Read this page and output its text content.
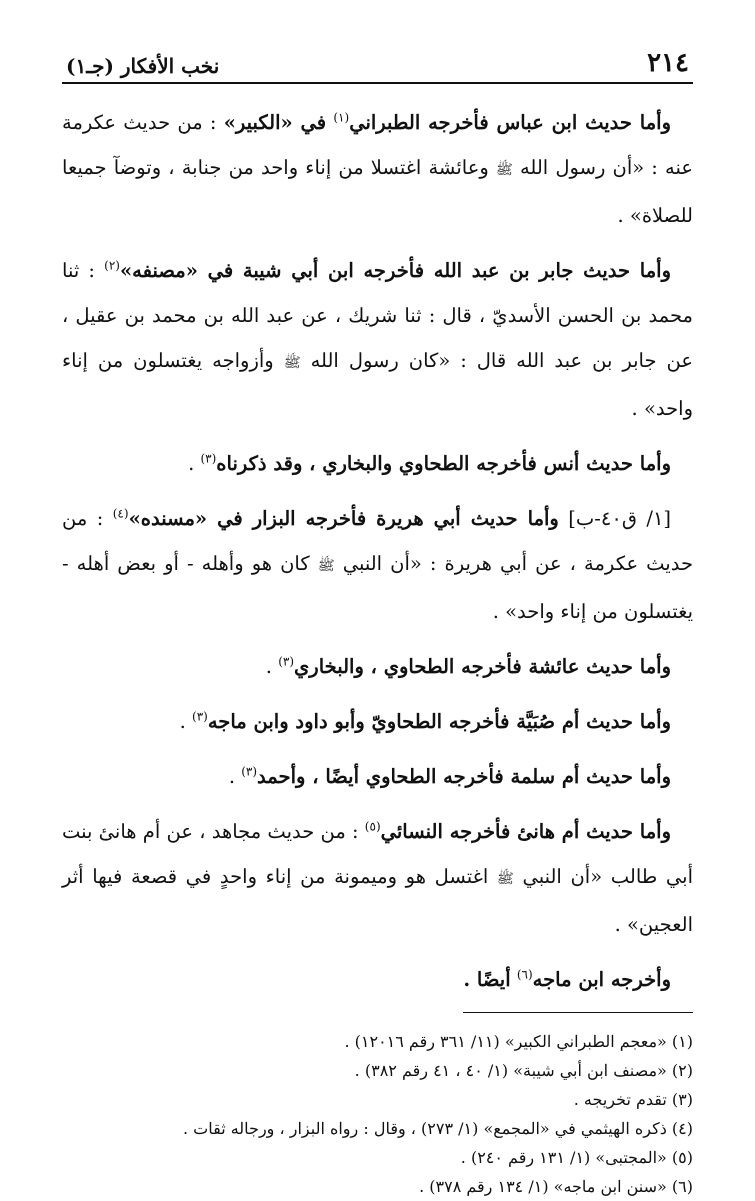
٢١٤
نخب الأفكار (جـ١)

وأما حديث ابن عباس فأخرجه الطبراني$^{(١)}$ في «الكبير» : من حديث عكرمة عنه : «أن رسول الله ﷺ وعائشة اغتسلا من إناء واحد من جنابة ، وتوضآ جميعا للصلاة» .

وأما حديث جابر بن عبد الله فأخرجه ابن أبي شيبة في «مصنفه»$^{(٢)}$ : ثنا محمد بن الحسن الأسديّ ، قال : ثنا شريك ، عن عبد الله بن محمد بن عقيل ، عن جابر بن عبد الله قال : «كان رسول الله ﷺ وأزواجه يغتسلون من إناء واحد» .

وأما حديث أنس فأخرجه الطحاوي والبخاري ، وقد ذكرناه$^{(٣)}$ .

[١/ ق٤٠-ب] وأما حديث أبي هريرة فأخرجه البزار في «مسنده»$^{(٤)}$ : من حديث عكرمة ، عن أبي هريرة : «أن النبي ﷺ كان هو وأهله - أو بعض أهله - يغتسلون من إناء واحد» .

وأما حديث عائشة فأخرجه الطحاوي ، والبخاري$^{(٣)}$ .

وأما حديث أم صُبَيَّة فأخرجه الطحاويّ وأبو داود وابن ماجه$^{(٣)}$ .

وأما حديث أم سلمة فأخرجه الطحاوي أيضًا ، وأحمد$^{(٣)}$ .

وأما حديث أم هانئ فأخرجه النسائي$^{(٥)}$ : من حديث مجاهد ، عن أم هانئ بنت أبي طالب «أن النبي ﷺ اغتسل هو وميمونة من إناء واحدٍ في قصعة فيها أثر العجين» .

وأخرجه ابن ماجه$^{(٦)}$ أيضًا .

(١) «معجم الطبراني الكبير» (١١/ ٣٦١ رقم ١٢٠١٦) .

(٢) «مصنف ابن أبي شيبة» (١/ ٤٠ ، ٤١ رقم ٣٨٢) .

(٣) تقدم تخريجه .

(٤) ذكره الهيثمي في «المجمع» (١/ ٢٧٣) ، وقال : رواه البزار ، ورجاله ثقات .

(٥) «المجتبى» (١/ ١٣١ رقم ٢٤٠) .

(٦) «سنن ابن ماجه» (١/ ١٣٤ رقم ٣٧٨) .
